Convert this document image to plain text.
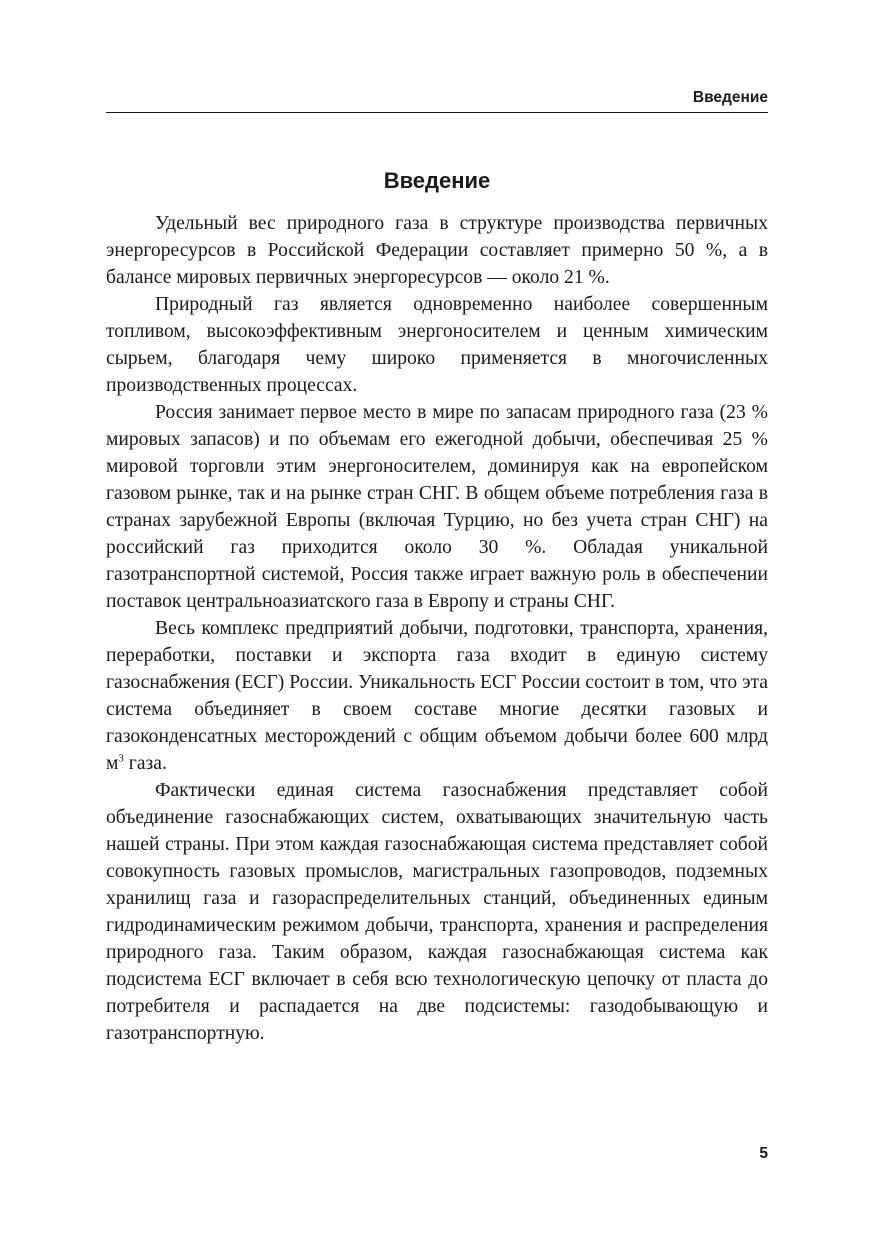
Введение
Введение

Удельный вес природного газа в структуре производства первичных энергоресурсов в Российской Федерации составляет примерно 50 %, а в балансе мировых первичных энергоресурсов — около 21 %.

Природный газ является одновременно наиболее совершенным топливом, высокоэффективным энергоносителем и ценным химическим сырьем, благодаря чему широко применяется в многочисленных производственных процессах.

Россия занимает первое место в мире по запасам природного газа (23 % мировых запасов) и по объемам его ежегодной добычи, обеспечивая 25 % мировой торговли этим энергоносителем, доминируя как на европейском газовом рынке, так и на рынке стран СНГ. В общем объеме потребления газа в странах зарубежной Европы (включая Турцию, но без учета стран СНГ) на российский газ приходится около 30 %. Обладая уникальной газотранспортной системой, Россия также играет важную роль в обеспечении поставок центральноазиатского газа в Европу и страны СНГ.

Весь комплекс предприятий добычи, подготовки, транспорта, хранения, переработки, поставки и экспорта газа входит в единую систему газоснабжения (ЕСГ) России. Уникальность ЕСГ России состоит в том, что эта система объединяет в своем составе многие десятки газовых и газоконденсатных месторождений с общим объемом добычи более 600 млрд $м^3$ газа.

Фактически единая система газоснабжения представляет собой объединение газоснабжающих систем, охватывающих значительную часть нашей страны. При этом каждая газоснабжающая система представляет собой совокупность газовых промыслов, магистральных газопроводов, подземных хранилищ газа и газораспределительных станций, объединенных единым гидродинамическим режимом добычи, транспорта, хранения и распределения природного газа. Таким образом, каждая газоснабжающая система как подсистема ЕСГ включает в себя всю технологическую цепочку от пласта до потребителя и распадается на две подсистемы: газодобывающую и газотранспортную.

5
